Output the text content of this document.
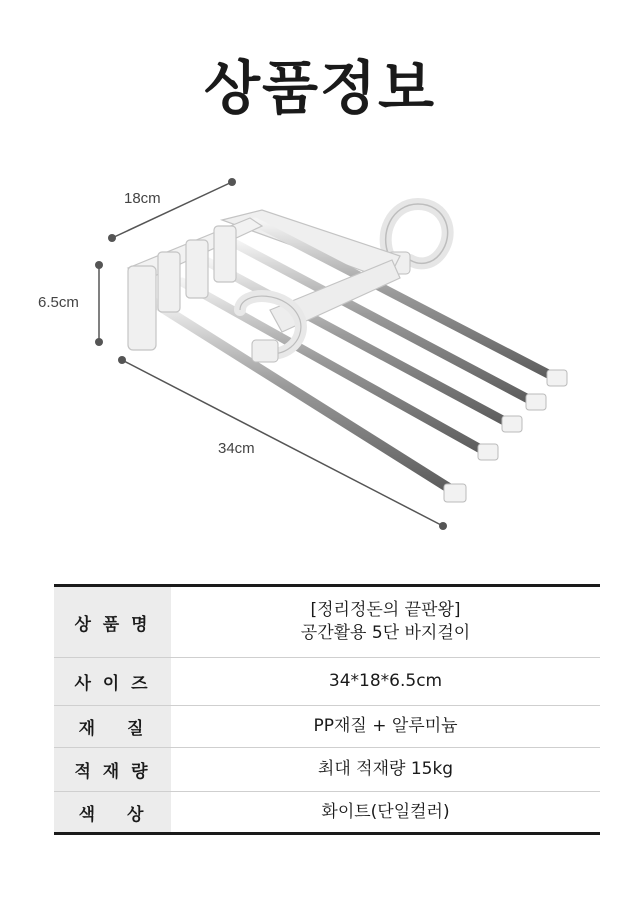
상품정보
18cm
6.5cm
34cm
상 품 명	[정리정돈의 끝판왕]
공간활용 5단 바지걸이

사 이 즈	34*18*6.5cm
재　 질	PP재질 + 알루미늄
적 재 량	최대 적재량 15kg
색　 상	화이트(단일컬러)
